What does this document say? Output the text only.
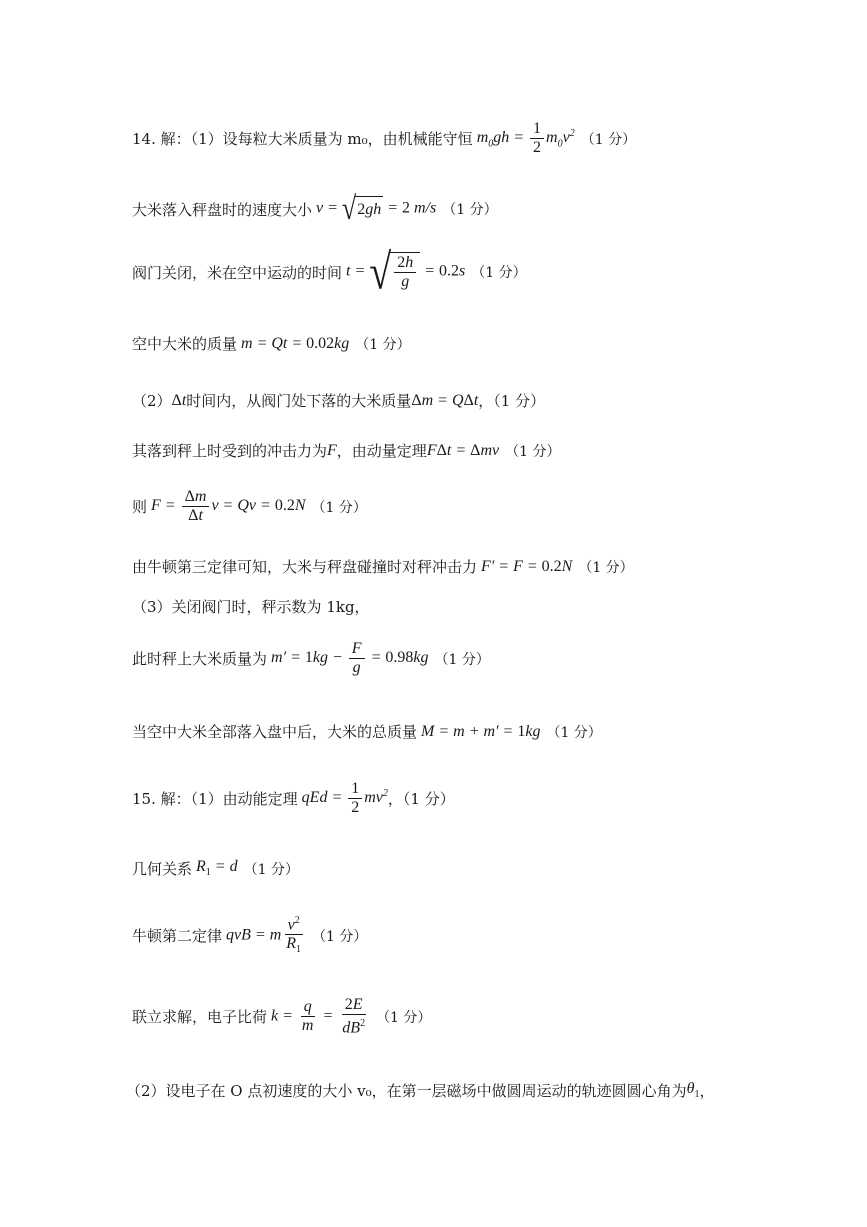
14. 解：（1）设每粒大米质量为 m₀，由机械能守恒 $m_0gh = \frac{1}{2} m_0v^2$ （1 分）
大米落入秤盘时的速度大小 v = √ 2 gh = 2 m/s （1 分）
阀门关闭，米在空中运动的时间 t = √ $\frac{2h}{g} = 0.2s$ （1 分）
空中大米的质量 m = Qt = 0.02kg （1 分）
（2） Δt 时间内，从阀门处下落的大米质量 Δm = QΔt ，（1 分）
其落到秤上时受到的冲击力为 F ，由动量定理 FΔt = Δmv （1 分）
则 $F = \frac{\Delta m}{\Delta t}$ v = Qv = 0.2N （1 分）
由牛顿第三定律可知，大米与秤盘碰撞时对秤冲击力 F′ = F = 0.2N （1 分）
（3）关闭阀门时，秤示数为 1kg，
此时秤上大米质量为 $m' = 1kg - \frac{F}{g} = 0.98kg$ （1 分）
当空中大米全部落入盘中后，大米的总质量 M = m + m′ = 1kg （1 分）
15. 解：（1）由动能定理 qEd = $\frac{1}{2} mv^2$ ，（1 分）
几何关系 $R_1 = d$ （1 分）
牛顿第二定律 qvB = m $\frac{v^2}{R_1} (1$ 分）
联立求解，电子比荷 $k = \frac{q}{m} = \frac{2E}{dB^2} (1$ 分）
（2）设电子在 O 点初速度的大小 v₀，在第一层磁场中做圆周运动的轨迹圆圆心角为 $\theta_1$ ，
